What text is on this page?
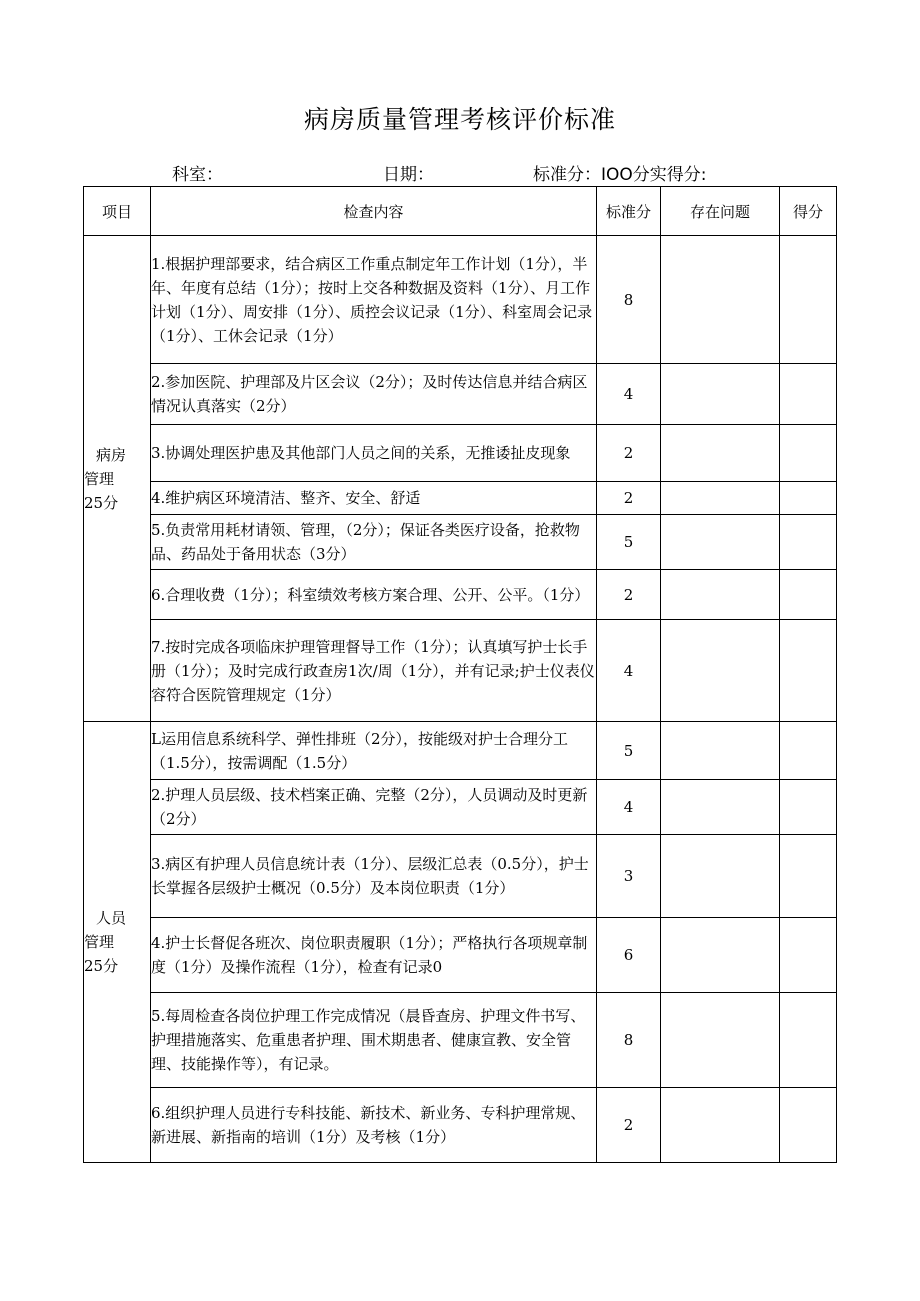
病房质量管理考核评价标准
科室：	日期：	标准分：IOO分实得分:
项目	检查内容	标准分	存在问题	得分

病房
管理
25分	1.根据护理部要求，结合病区工作重点制定年工作计划（1分），半年、年度有总结（1分）；按时上交各种数据及资料（1分）、月工作计划（1分）、周安排（1分）、质控会议记录（1分）、科室周会记录（1分）、工休会记录（1分）	8		
	2.参加医院、护理部及片区会议（2分）；及时传达信息并结合病区情况认真落实（2分）	4		
	3.协调处理医护患及其他部门人员之间的关系，无推诿扯皮现象	2		
	4.维护病区环境清洁、整齐、安全、舒适	2		
	5.负责常用耗材请领、管理，（2分）；保证各类医疗设备，抢救物品、药品处于备用状态（3分）	5		
	6.合理收费（1分）；科室绩效考核方案合理、公开、公平。（1分）	2		
	7.按时完成各项临床护理管理督导工作（1分）；认真填写护士长手册（1分）；及时完成行政查房1次/周（1分），并有记录;护士仪表仪容符合医院管理规定（1分）	4		

人员
管理
25分	L运用信息系统科学、弹性排班（2分），按能级对护士合理分工（1.5分），按需调配（1.5分）	5		
	2.护理人员层级、技术档案正确、完整（2分），人员调动及时更新（2分）	4		
	3.病区有护理人员信息统计表（1分）、层级汇总表（0.5分），护士长掌握各层级护士概况（0.5分）及本岗位职责（1分）	3		
	4.护士长督促各班次、岗位职责履职（1分）；严格执行各项规章制度（1分）及操作流程（1分），检查有记录0	6		
	5.每周检查各岗位护理工作完成情况（晨昏查房、护理文件书写、护理措施落实、危重患者护理、围术期患者、健康宣教、安全管理、技能操作等），有记录。	8		
	6.组织护理人员进行专科技能、新技术、新业务、专科护理常规、新进展、新指南的培训（1分）及考核（1分）	2		
